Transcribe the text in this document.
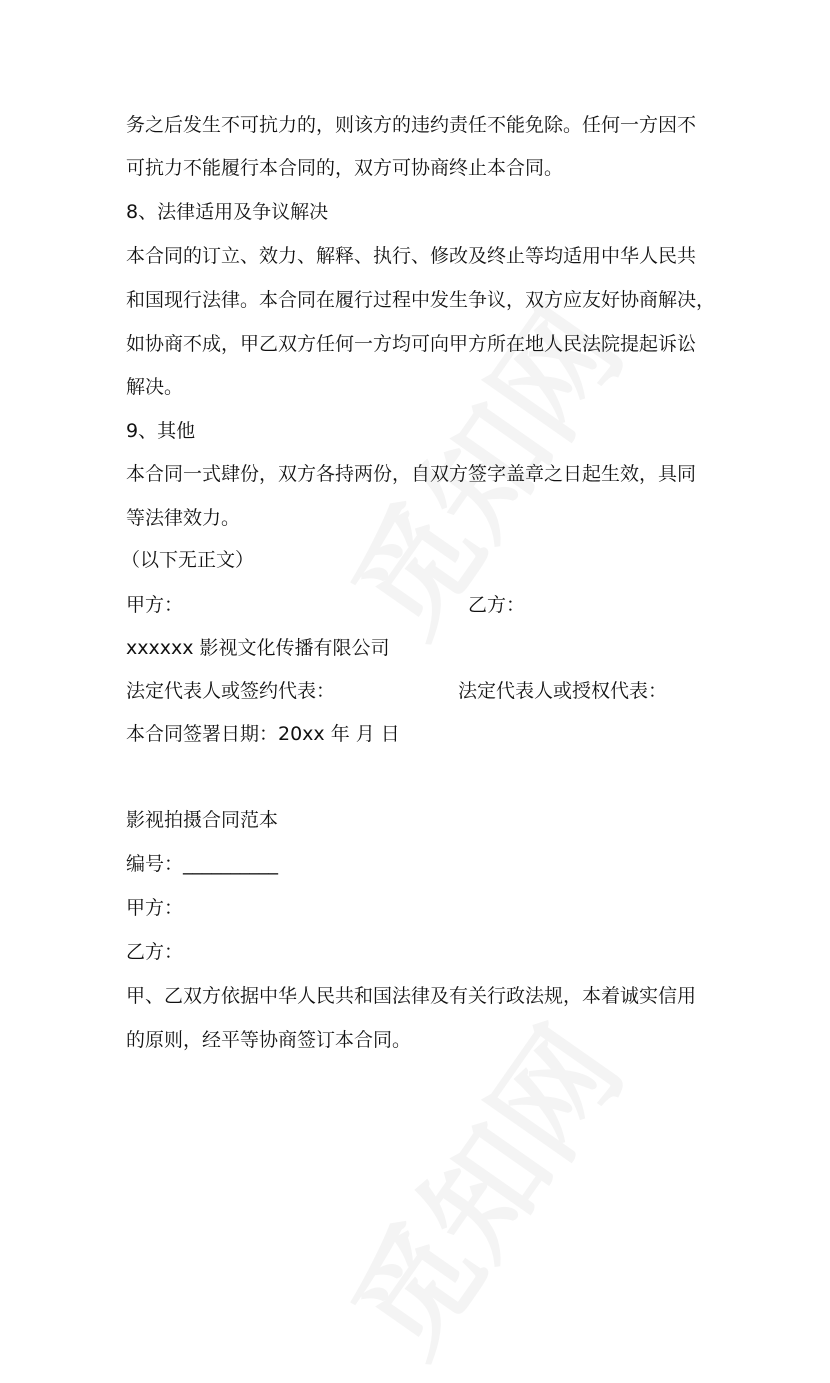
务之后发生不可抗力的，则该方的违约责任不能免除。任何一方因不
可抗力不能履行本合同的，双方可协商终止本合同。
8、法律适用及争议解决
本合同的订立、效力、解释、执行、修改及终止等均适用中华人民共
和国现行法律。本合同在履行过程中发生争议，双方应友好协商解决，
如协商不成，甲乙双方任何一方均可向甲方所在地人民法院提起诉讼
解决。
9、其他
本合同一式肆份，双方各持两份，自双方签字盖章之日起生效，具同
等法律效力。
（以下无正文）
甲方：	乙方：
xxxxxx 影视文化传播有限公司
法定代表人或签约代表：	法定代表人或授权代表：
本合同签署日期：20xx 年 月 日
影视拍摄合同范本
编号：__________
甲方：
乙方：
甲、乙双方依据中华人民共和国法律及有关行政法规，本着诚实信用
的原则，经平等协商签订本合同。
